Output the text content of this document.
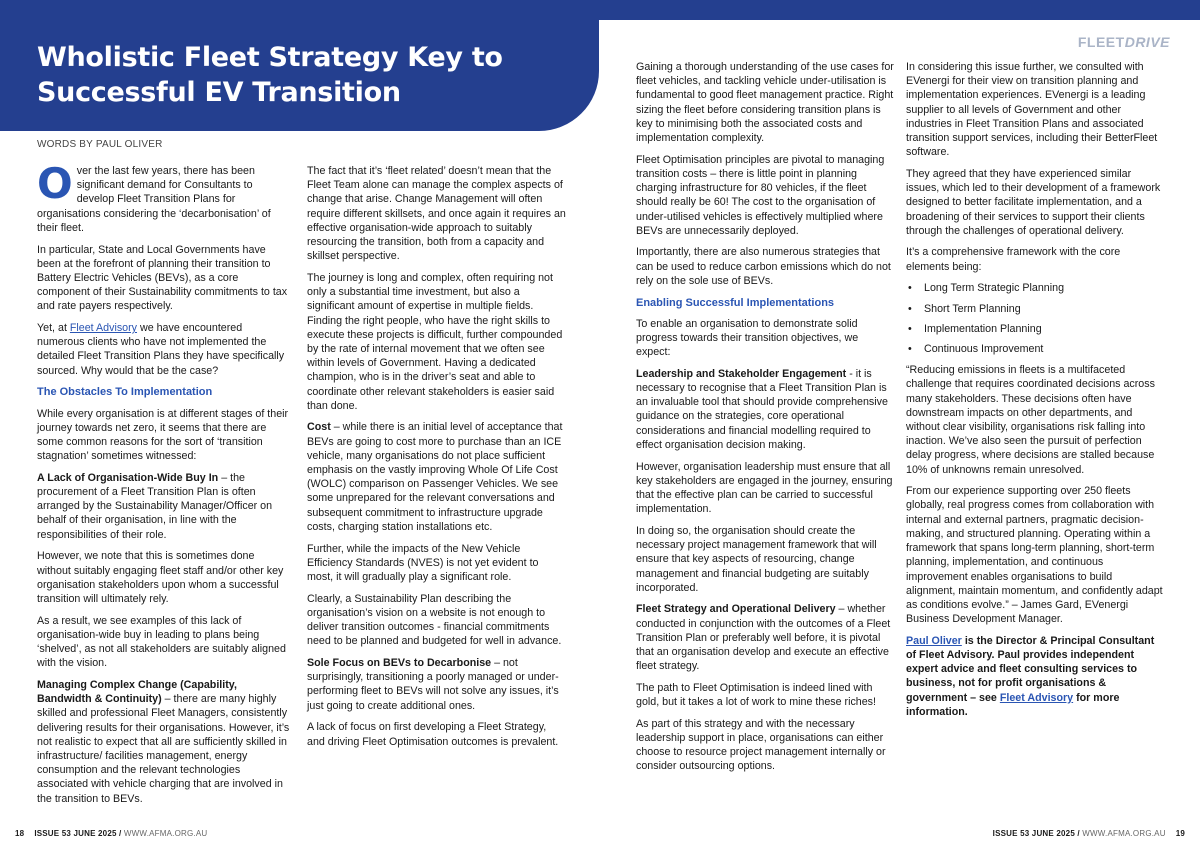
Wholistic Fleet Strategy Key to Successful EV Transition
FLEETDRIVE
WORDS BY PAUL OLIVER

Over the last few years, there has been significant demand for Consultants to develop Fleet Transition Plans for organisations considering the ‘decarbonisation’ of their fleet.

In particular, State and Local Governments have been at the forefront of planning their transition to Battery Electric Vehicles (BEVs), as a core component of their Sustainability commitments to tax and rate payers respectively.

Yet, at Fleet Advisory we have encountered numerous clients who have not implemented the detailed Fleet Transition Plans they have specifically sourced. Why would that be the case?

The Obstacles To Implementation

While every organisation is at different stages of their journey towards net zero, it seems that there are some common reasons for the sort of ‘transition stagnation’ sometimes witnessed:

A Lack of Organisation-Wide Buy In – the procurement of a Fleet Transition Plan is often arranged by the Sustainability Manager/Officer on behalf of their organisation, in line with the responsibilities of their role.

However, we note that this is sometimes done without suitably engaging fleet staff and/or other key organisation stakeholders upon whom a successful transition will ultimately rely.

As a result, we see examples of this lack of organisation-wide buy in leading to plans being ‘shelved’, as not all stakeholders are suitably aligned with the vision.

Managing Complex Change (Capability, Bandwidth & Continuity) – there are many highly skilled and professional Fleet Managers, consistently delivering results for their organisations. However, it’s not realistic to expect that all are sufficiently skilled in infrastructure/ facilities management, energy consumption and the relevant technologies associated with vehicle charging that are involved in the transition to BEVs.

The fact that it’s ‘fleet related’ doesn’t mean that the Fleet Team alone can manage the complex aspects of change that arise. Change Management will often require different skillsets, and once again it requires an effective organisation-wide approach to suitably resourcing the transition, both from a capacity and skillset perspective.

The journey is long and complex, often requiring not only a substantial time investment, but also a significant amount of expertise in multiple fields. Finding the right people, who have the right skills to execute these projects is difficult, further compounded by the rate of internal movement that we often see within levels of Government. Having a dedicated champion, who is in the driver’s seat and able to coordinate other relevant stakeholders is easier said than done.

Cost – while there is an initial level of acceptance that BEVs are going to cost more to purchase than an ICE vehicle, many organisations do not place sufficient emphasis on the vastly improving Whole Of Life Cost (WOLC) comparison on Passenger Vehicles. We see some unprepared for the relevant conversations and subsequent commitment to infrastructure upgrade costs, charging station installations etc.

Further, while the impacts of the New Vehicle Efficiency Standards (NVES) is not yet evident to most, it will gradually play a significant role.

Clearly, a Sustainability Plan describing the organisation’s vision on a website is not enough to deliver transition outcomes - financial commitments need to be planned and budgeted for well in advance.

Sole Focus on BEVs to Decarbonise – not surprisingly, transitioning a poorly managed or under-performing fleet to BEVs will not solve any issues, it’s just going to create additional ones.

A lack of focus on first developing a Fleet Strategy, and driving Fleet Optimisation outcomes is prevalent.

Gaining a thorough understanding of the use cases for fleet vehicles, and tackling vehicle under-utilisation is fundamental to good fleet management practice. Right sizing the fleet before considering transition plans is key to minimising both the associated costs and implementation complexity.

Fleet Optimisation principles are pivotal to managing transition costs – there is little point in planning charging infrastructure for 80 vehicles, if the fleet should really be 60! The cost to the organisation of under-utilised vehicles is effectively multiplied where BEVs are unnecessarily deployed.

Importantly, there are also numerous strategies that can be used to reduce carbon emissions which do not rely on the sole use of BEVs.

Enabling Successful Implementations

To enable an organisation to demonstrate solid progress towards their transition objectives, we expect:

Leadership and Stakeholder Engagement - it is necessary to recognise that a Fleet Transition Plan is an invaluable tool that should provide comprehensive guidance on the strategies, core operational considerations and financial modelling required to effect organisation decision making.

However, organisation leadership must ensure that all key stakeholders are engaged in the journey, ensuring that the effective plan can be carried to successful implementation.

In doing so, the organisation should create the necessary project management framework that will ensure that key aspects of resourcing, change management and financial budgeting are suitably incorporated.

Fleet Strategy and Operational Delivery – whether conducted in conjunction with the outcomes of a Fleet Transition Plan or preferably well before, it is pivotal that an organisation develop and execute an effective fleet strategy.

The path to Fleet Optimisation is indeed lined with gold, but it takes a lot of work to mine these riches!

As part of this strategy and with the necessary leadership support in place, organisations can either choose to resource project management internally or consider outsourcing options.

In considering this issue further, we consulted with EVenergi for their view on transition planning and implementation experiences. EVenergi is a leading supplier to all levels of Government and other industries in Fleet Transition Plans and associated transition support services, including their BetterFleet software.

They agreed that they have experienced similar issues, which led to their development of a framework designed to better facilitate implementation, and a broadening of their services to support their clients through the challenges of operational delivery.

It’s a comprehensive framework with the core elements being:

• Long Term Strategic Planning
• Short Term Planning
• Implementation Planning
• Continuous Improvement

“Reducing emissions in fleets is a multifaceted challenge that requires coordinated decisions across many stakeholders. These decisions often have downstream impacts on other departments, and without clear visibility, organisations risk falling into inaction. We’ve also seen the pursuit of perfection delay progress, where decisions are stalled because 10% of unknowns remain unresolved.

From our experience supporting over 250 fleets globally, real progress comes from collaboration with internal and external partners, pragmatic decision-making, and structured planning. Operating within a framework that spans long-term planning, short-term planning, implementation, and continuous improvement enables organisations to build alignment, maintain momentum, and confidently adapt as conditions evolve.” – James Gard, EVenergi Business Development Manager.

Paul Oliver is the Director & Principal Consultant of Fleet Advisory. Paul provides independent expert advice and fleet consulting services to business, not for profit organisations & government – see Fleet Advisory for more information.

18 ISSUE 53 JUNE 2025 / WWW.AFMA.ORG.AU	ISSUE 53 JUNE 2025 / WWW.AFMA.ORG.AU 19
